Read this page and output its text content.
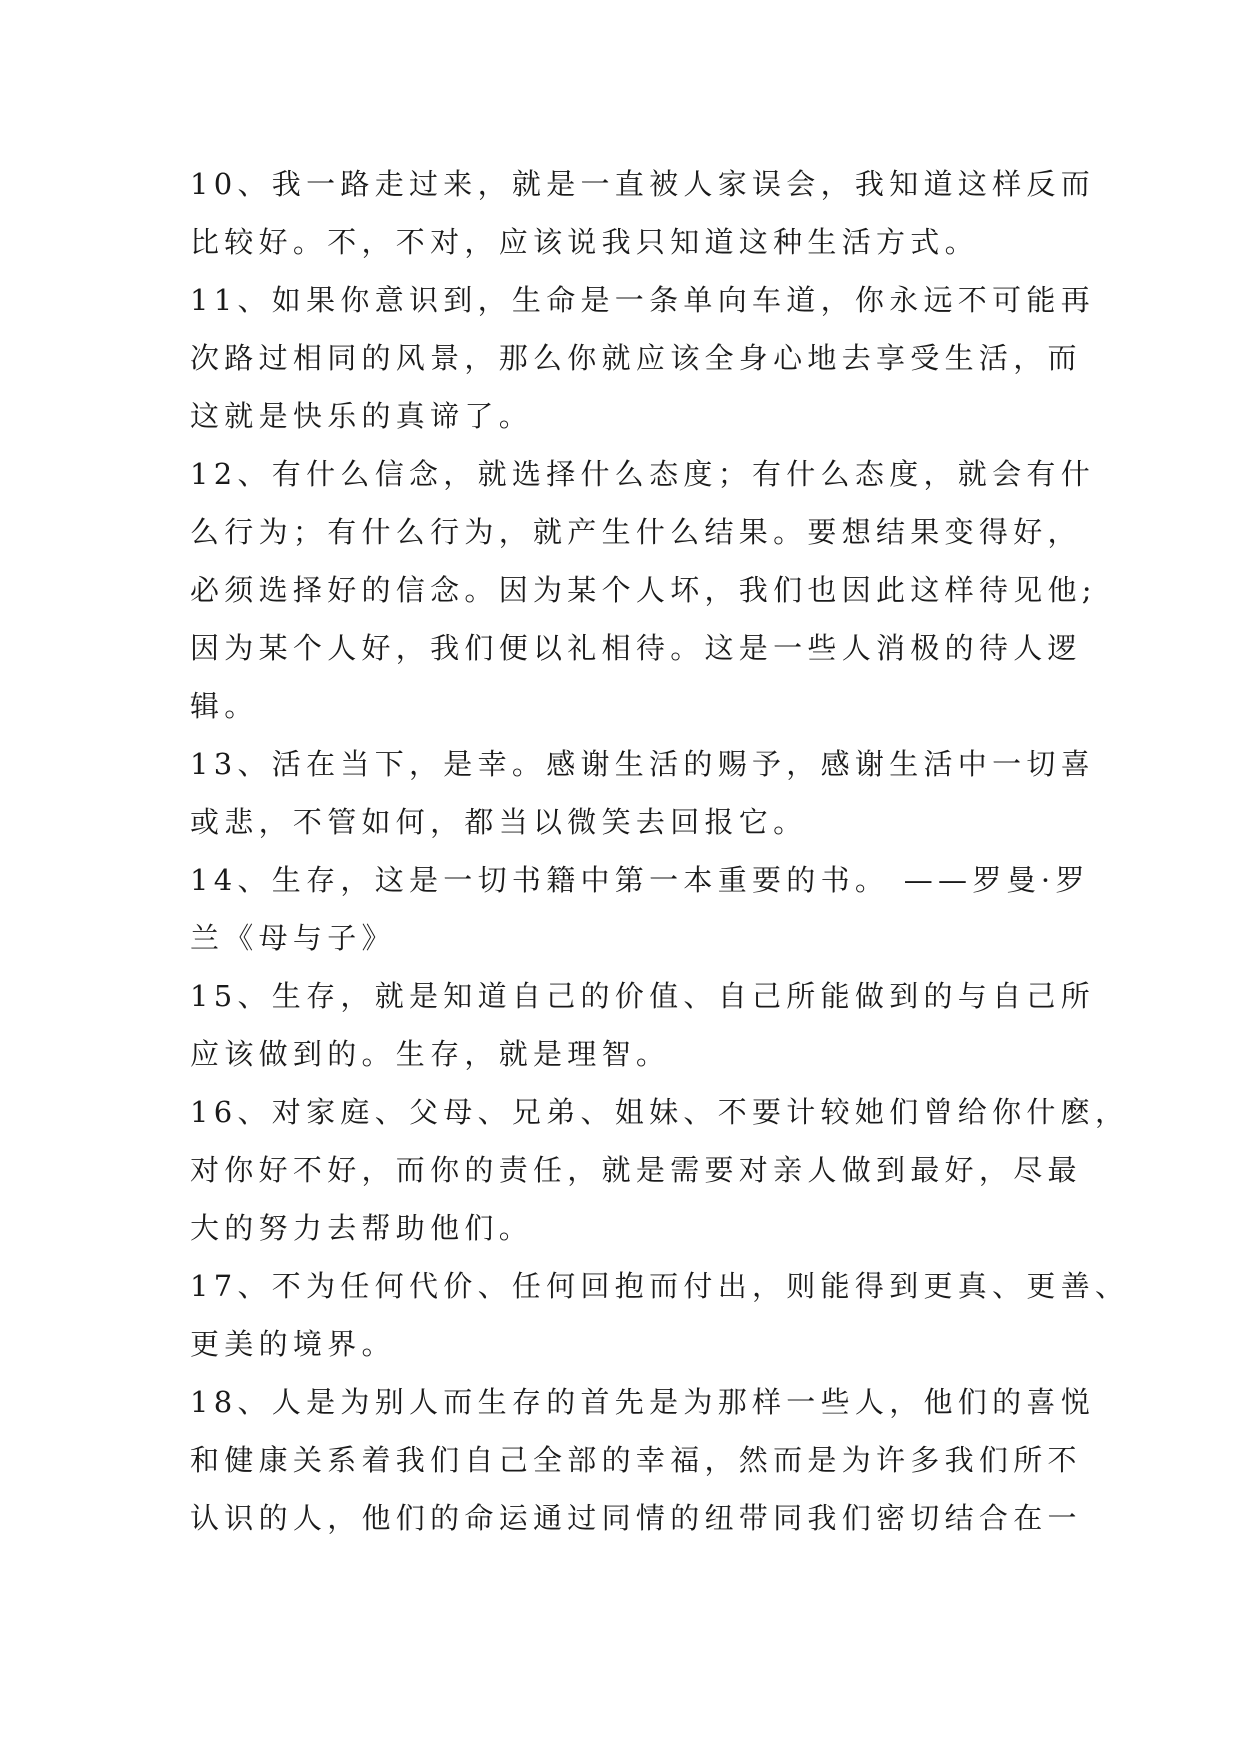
10、我一路走过来，就是一直被人家误会，我知道这样反而
比较好。不，不对，应该说我只知道这种生活方式。
11、如果你意识到，生命是一条单向车道，你永远不可能再
次路过相同的风景，那么你就应该全身心地去享受生活，而
这就是快乐的真谛了。
12、有什么信念，就选择什么态度；有什么态度，就会有什
么行为；有什么行为，就产生什么结果。要想结果变得好，
必须选择好的信念。因为某个人坏，我们也因此这样待见他;
因为某个人好，我们便以礼相待。这是一些人消极的待人逻
辑。
13、活在当下，是幸。感谢生活的赐予，感谢生活中一切喜
或悲，不管如何，都当以微笑去回报它。
14、生存，这是一切书籍中第一本重要的书。 ——罗曼·罗
兰《母与子》
15、生存，就是知道自己的价值、自己所能做到的与自己所
应该做到的。生存，就是理智。
16、对家庭、父母、兄弟、姐妹、不要计较她们曾给你什麽，
对你好不好，而你的责任，就是需要对亲人做到最好，尽最
大的努力去帮助他们。
17、不为任何代价、任何回抱而付出，则能得到更真、更善、
更美的境界。
18、人是为别人而生存的首先是为那样一些人，他们的喜悦
和健康关系着我们自己全部的幸福，然而是为许多我们所不
认识的人，他们的命运通过同情的纽带同我们密切结合在一
